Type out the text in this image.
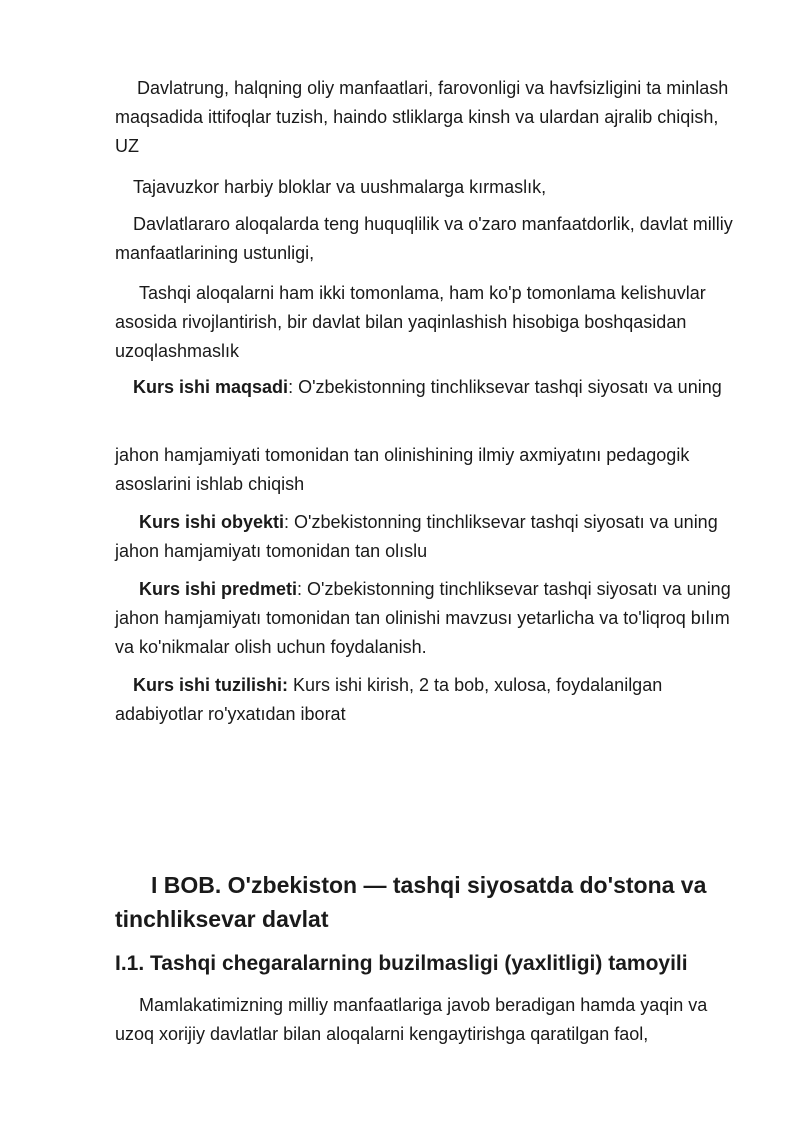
Davlatrung, halqning oliy manfaatlari, farovonligi va havfsizligini ta minlash maqsadida ittifoqlar tuzish, haindo stliklarga kinsh va ulardan ajralib chiqish, UZ

Tajavuzkor harbiy bloklar va uushmalarga kırmaslık,

Davlatlararo aloqalarda teng huquqlilik va o'zaro manfaatdorlik, davlat milliy manfaatlarining ustunligi,

Tashqi aloqalarni ham ikki tomonlama, ham ko'p tomonlama kelishuvlar asosida rivojlantirish, bir davlat bilan yaqinlashish hisobiga boshqasidan uzoqlashmaslık

Kurs ishi maqsadi: O'zbekistonning tinchliksevar tashqi siyosatı va uning

jahon hamjamiyati tomonidan tan olinishining ilmiy axmiyatını pedagogik asoslarini ishlab chiqish

Kurs ishi obyekti: O'zbekistonning tinchliksevar tashqi siyosatı va uning jahon hamjamiyatı tomonidan tan olıslu

Kurs ishi predmeti: O'zbekistonning tinchliksevar tashqi siyosatı va uning jahon hamjamiyatı tomonidan tan olinishi mavzusı yetarlicha va to'liqroq bılım va ko'nikmalar olish uchun foydalanish.

Kurs ishi tuzilishi: Kurs ishi kirish, 2 ta bob, xulosa, foydalanilgan adabiyotlar ro'yxatıdan iborat

I BOB. O'zbekiston — tashqi siyosatda do'stona va tinchliksevar davlat
I.1. Tashqi chegaralarning buzilmasligi (yaxlitligi) tamoyili

Mamlakatimizning milliy manfaatlariga javob beradigan hamda yaqin va uzoq xorijiy davlatlar bilan aloqalarni kengaytirishga qaratilgan faol,
